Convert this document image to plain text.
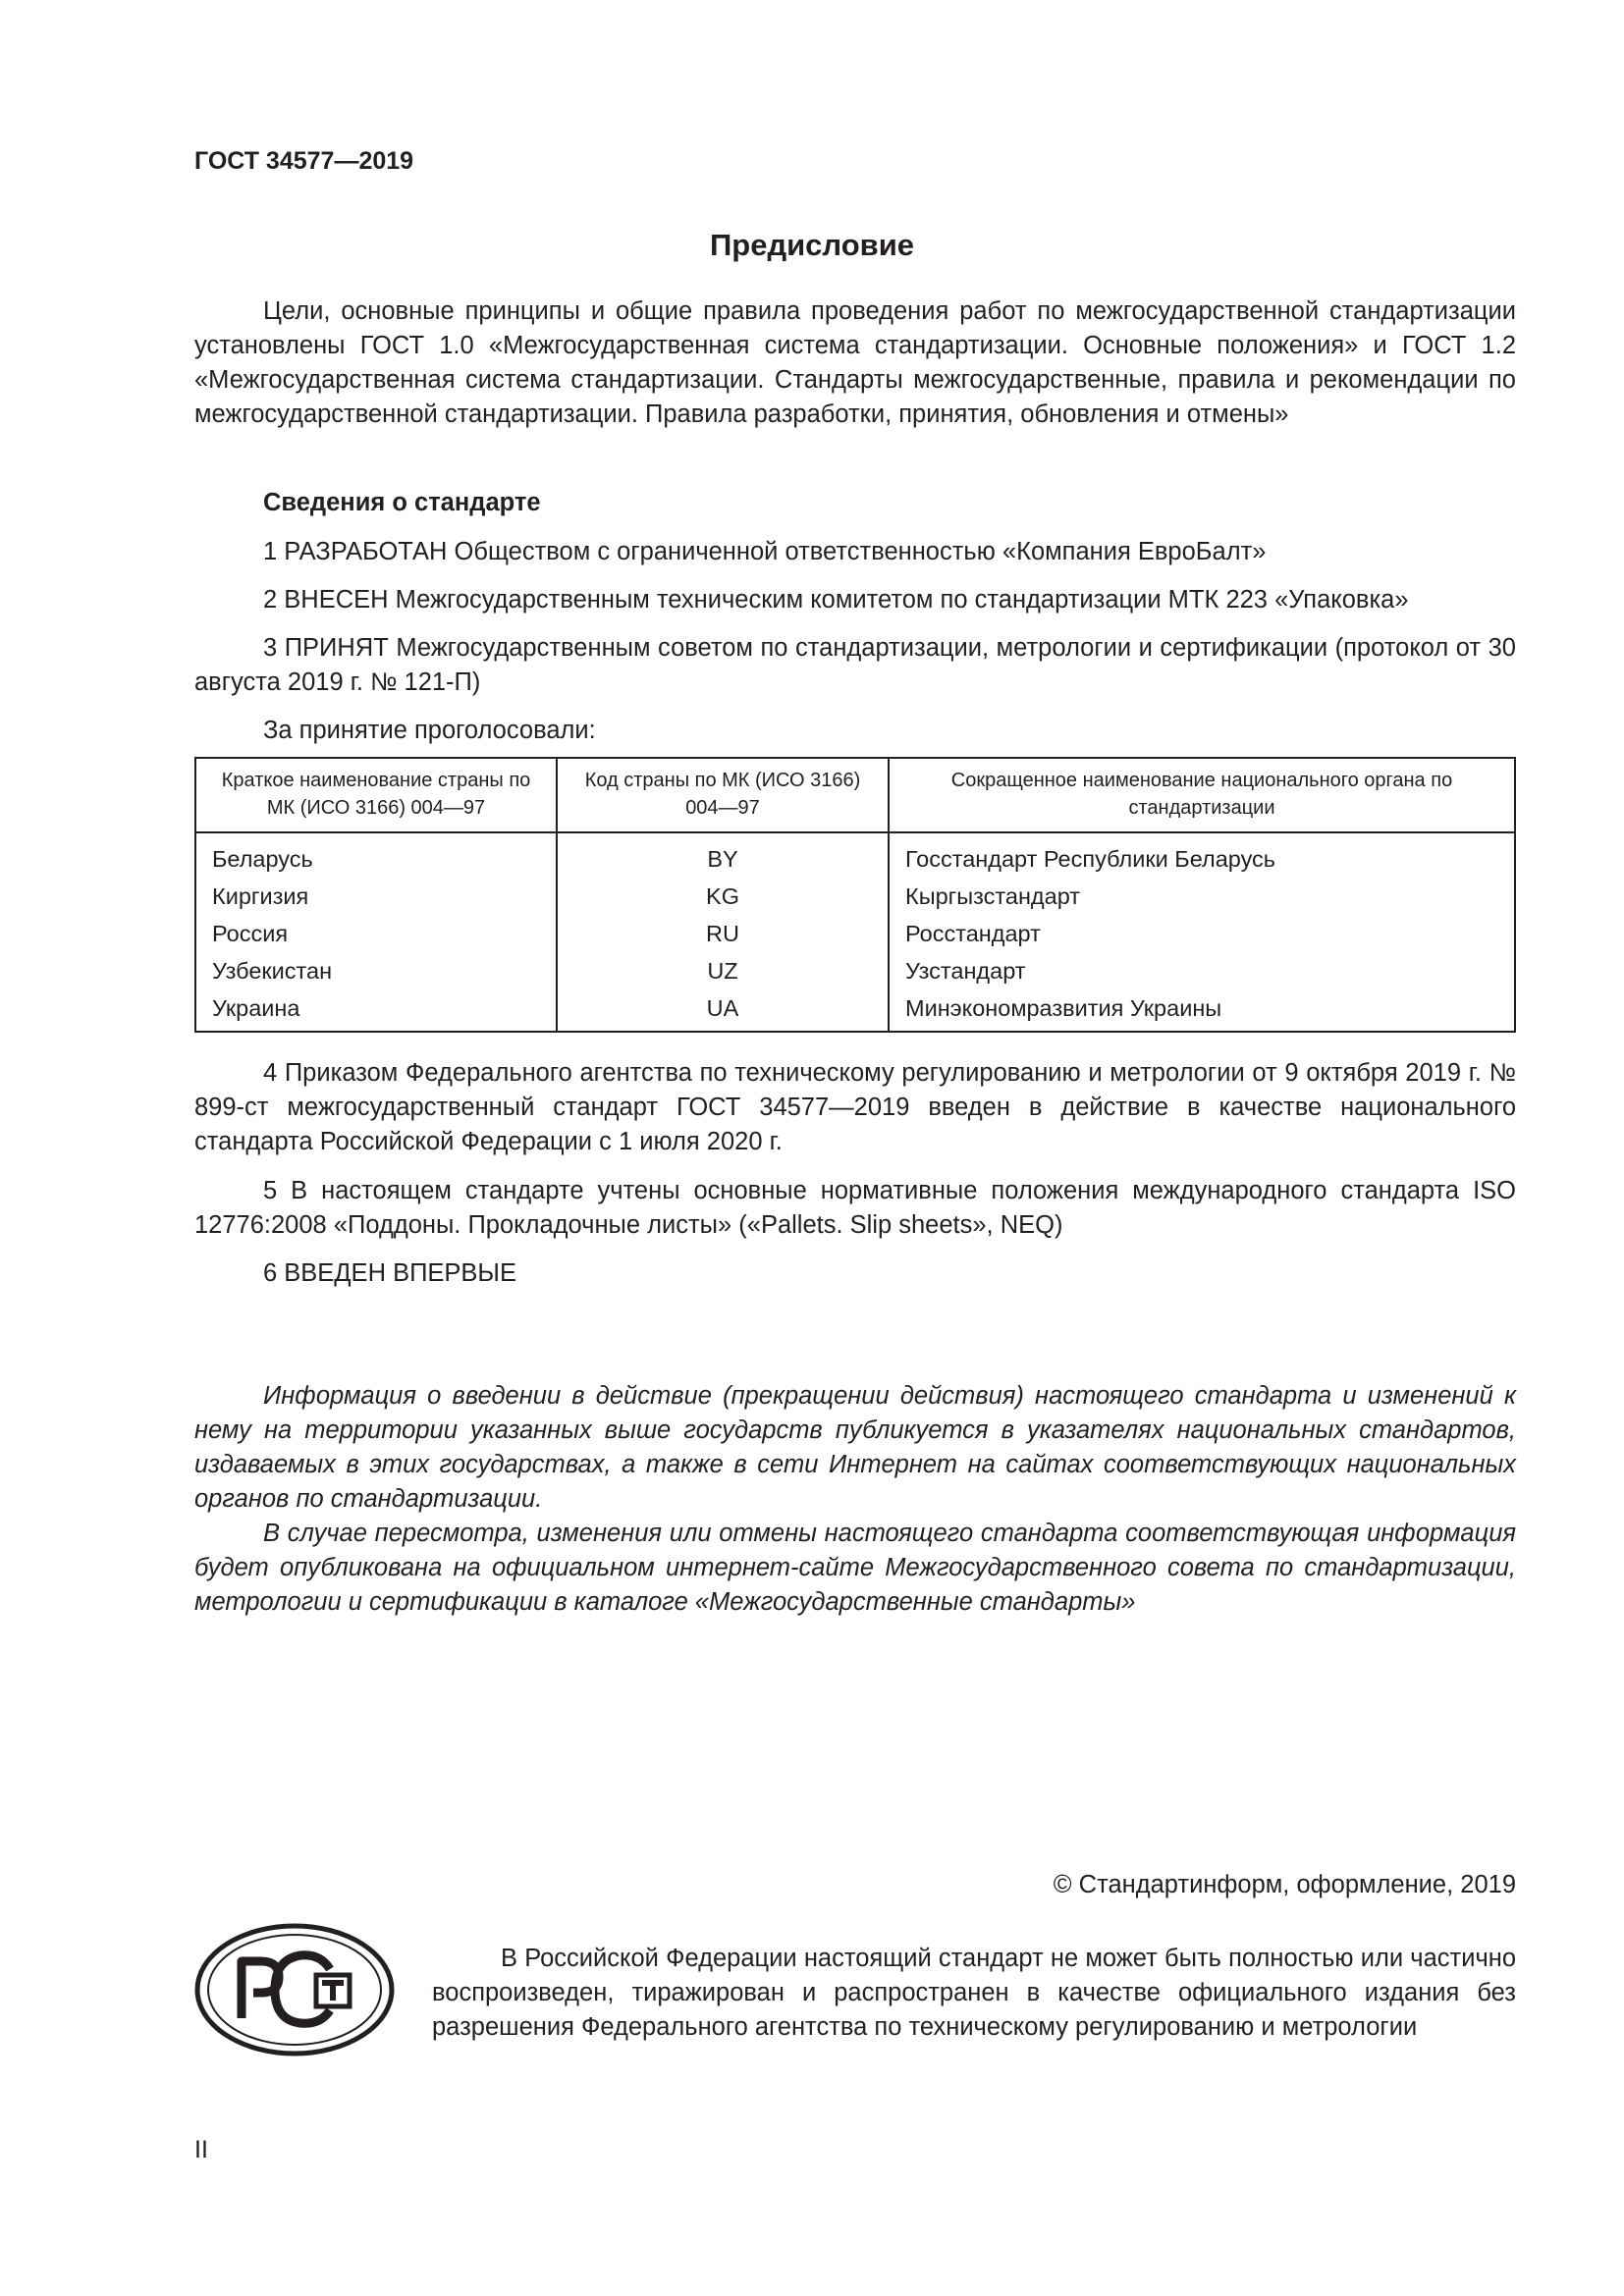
ГОСТ 34577—2019
Предисловие

Цели, основные принципы и общие правила проведения работ по межгосударственной стандартизации установлены ГОСТ 1.0 «Межгосударственная система стандартизации. Основные положения» и ГОСТ 1.2 «Межгосударственная система стандартизации. Стандарты межгосударственные, правила и рекомендации по межгосударственной стандартизации. Правила разработки, принятия, обновления и отмены»

Сведения о стандарте
1 РАЗРАБОТАН Обществом с ограниченной ответственностью «Компания ЕвроБалт»
2 ВНЕСЕН Межгосударственным техническим комитетом по стандартизации МТК 223 «Упаковка»

3 ПРИНЯТ Межгосударственным советом по стандартизации, метрологии и сертификации (протокол от 30 августа 2019 г. № 121-П)

За принятие проголосовали:
Краткое наименование страны по МК (ИСО 3166) 004—97	Код страны по МК (ИСО 3166) 004—97	Сокращенное наименование национального органа по стандартизации
Беларусь	BY	Госстандарт Республики Беларусь
Киргизия	KG	Кыргызстандарт
Россия	RU	Росстандарт
Узбекистан	UZ	Узстандарт
Украина	UA	Минэкономразвития Украины

4 Приказом Федерального агентства по техническому регулированию и метрологии от 9 октября 2019 г. № 899-ст межгосударственный стандарт ГОСТ 34577—2019 введен в действие в качестве национального стандарта Российской Федерации с 1 июля 2020 г.

5 В настоящем стандарте учтены основные нормативные положения международного стандарта ISO 12776:2008 «Поддоны. Прокладочные листы» («Pallets. Slip sheets», NEQ)

6 ВВЕДЕН ВПЕРВЫЕ

Информация о введении в действие (прекращении действия) настоящего стандарта и изменений к нему на территории указанных выше государств публикуется в указателях национальных стандартов, издаваемых в этих государствах, а также в сети Интернет на сайтах соответствующих национальных органов по стандартизации.

В случае пересмотра, изменения или отмены настоящего стандарта соответствующая информация будет опубликована на официальном интернет-сайте Межгосударственного совета по стандартизации, метрологии и сертификации в каталоге «Межгосударственные стандарты»

© Стандартинформ, оформление, 2019

В Российской Федерации настоящий стандарт не может быть полностью или частично воспроизведен, тиражирован и распространен в качестве официального издания без разрешения Федерального агентства по техническому регулированию и метрологии

II
